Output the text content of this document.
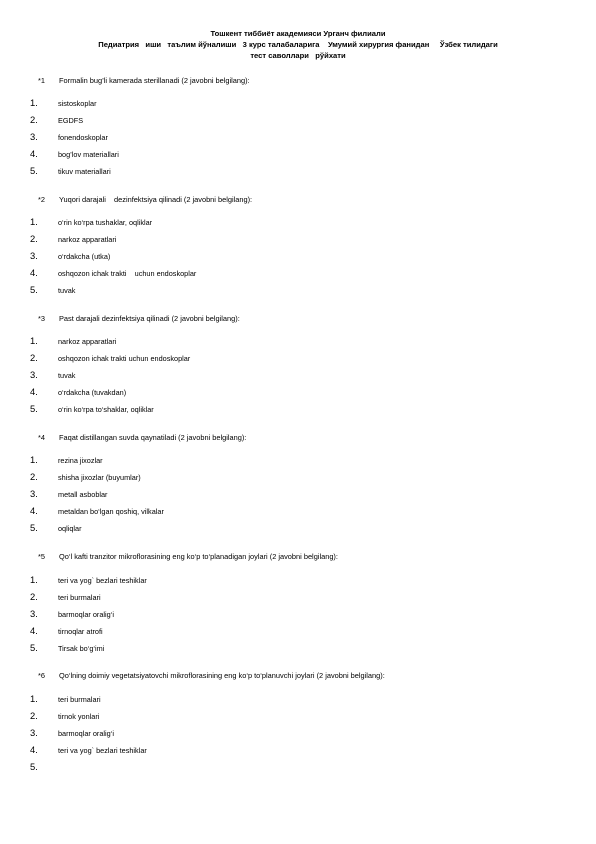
Тошкент тиббиёт академияси Урганч филиали
Педиатрия   иши   таълим йўналиши   3 курс талабаларига    Умумий хирургия фанидан     Ўзбек тилидаги
тест саволлари   рўйхати
*1 Formalin bug’li kamerada sterillanadi (2 javobni belgilang):
1.	sistoskoplar
2.	EGDFS
3.	fonendoskoplar
4.	bog’lov materiallari
5.	tikuv materiallari
*2 Yuqori darajali    dezinfektsiya qilinadi (2 javobni belgilang):
1.	o‘rin ko‘rpa tushaklar, oqliklar
2.	narkoz apparatlari
3.	o‘rdakcha (utka)
4.	oshqozon ichak trakti    uchun endoskoplar
5.	tuvak
*3 Past darajali dezinfektsiya qilinadi (2 javobni belgilang):
1.	narkoz apparatlari
2.	oshqozon ichak trakti uchun endoskoplar
3.	tuvak
4.	o‘rdakcha (tuvakdan)
5.	o‘rin ko‘rpa to‘shaklar, oqliklar
*4 Faqat distillangan suvda qaynatiladi (2 javobni belgilang):
1.	rezina jixozlar
2.	shisha jixozlar (buyumlar)
3.	metall asboblar
4.	metaldan bo‘lgan qoshiq, vilkalar
5.	oqliqlar
*5 Qo‘l kafti tranzitor mikroflorasining eng ko‘p to‘planadigan joylari (2 javobni belgilang):
1.	teri va yog` bezlari teshiklar
2.	teri burmalari
3.	barmoqlar oralig‘i
4.	tirnoqlar atrofi
5.	Tirsak bo‘g‘imi
*6 Qo‘lning doimiy vegetatsiyatovchi mikroflorasining eng ko‘p to‘planuvchi joylari (2 javobni belgilang):
1.	teri burmalari
2.	tirnok yonlari
3.	barmoqlar oralig‘i
4.	teri va yog` bezlari teshiklar
5.
